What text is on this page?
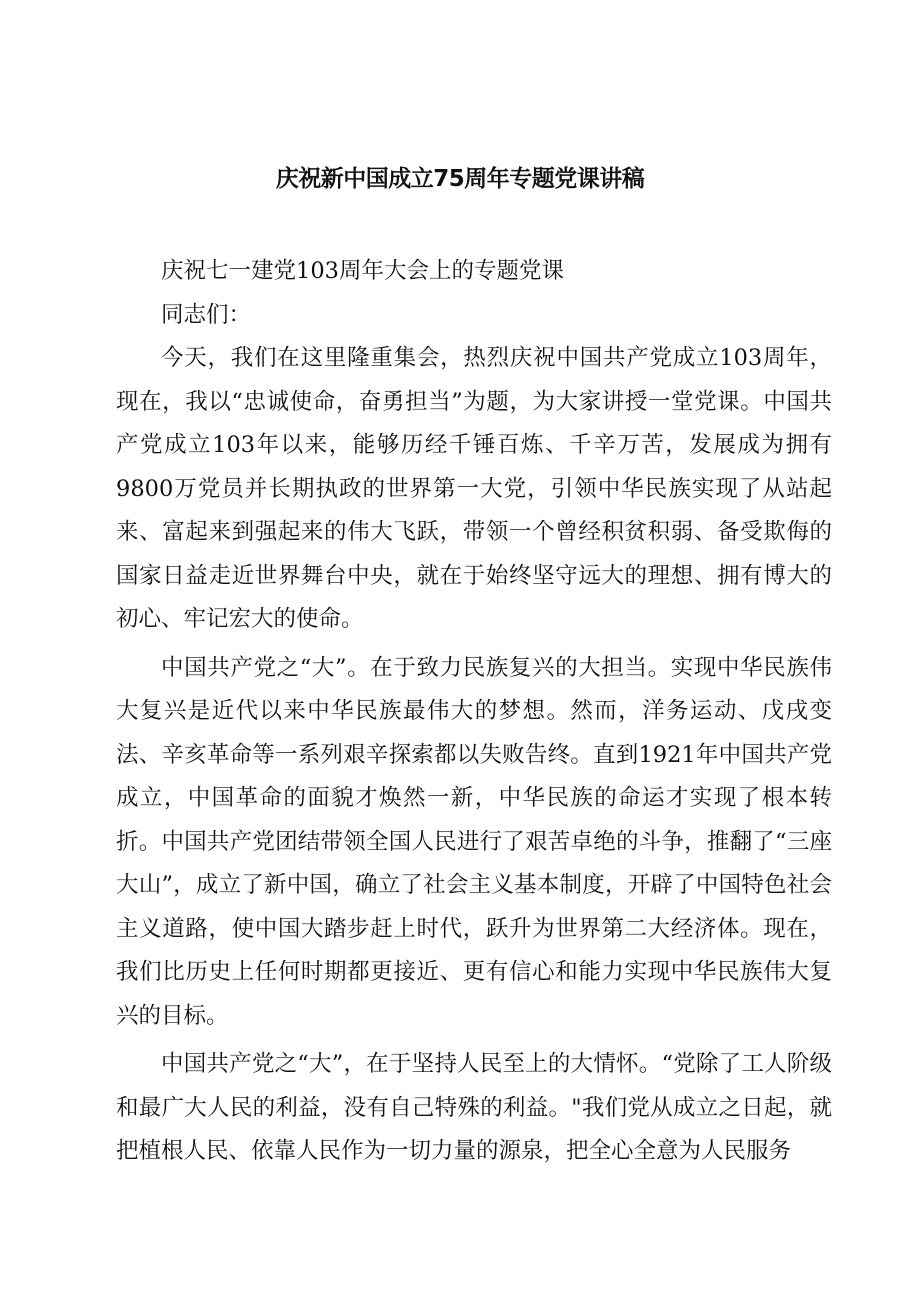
庆祝新中国成立75周年专题党课讲稿

庆祝七一建党103周年大会上的专题党课

同志们：

今天，我们在这里隆重集会，热烈庆祝中国共产党成立103周年，现在，我以“忠诚使命，奋勇担当”为题，为大家讲授一堂党课。中国共产党成立103年以来，能够历经千锤百炼、千辛万苦，发展成为拥有9800万党员并长期执政的世界第一大党，引领中华民族实现了从站起来、富起来到强起来的伟大飞跃，带领一个曾经积贫积弱、备受欺侮的国家日益走近世界舞台中央，就在于始终坚守远大的理想、拥有博大的初心、牢记宏大的使命。

中国共产党之“大”。在于致力民族复兴的大担当。实现中华民族伟大复兴是近代以来中华民族最伟大的梦想。然而，洋务运动、戊戌变法、辛亥革命等一系列艰辛探索都以失败告终。直到1921年中国共产党成立，中国革命的面貌才焕然一新，中华民族的命运才实现了根本转折。中国共产党团结带领全国人民进行了艰苦卓绝的斗争，推翻了“三座大山”，成立了新中国，确立了社会主义基本制度，开辟了中国特色社会主义道路，使中国大踏步赶上时代，跃升为世界第二大经济体。现在，我们比历史上任何时期都更接近、更有信心和能力实现中华民族伟大复兴的目标。

中国共产党之“大”，在于坚持人民至上的大情怀。“党除了工人阶级和最广大人民的利益，没有自己特殊的利益。"我们党从成立之日起，就把植根人民、依靠人民作为一切力量的源泉，把全心全意为人民服务
